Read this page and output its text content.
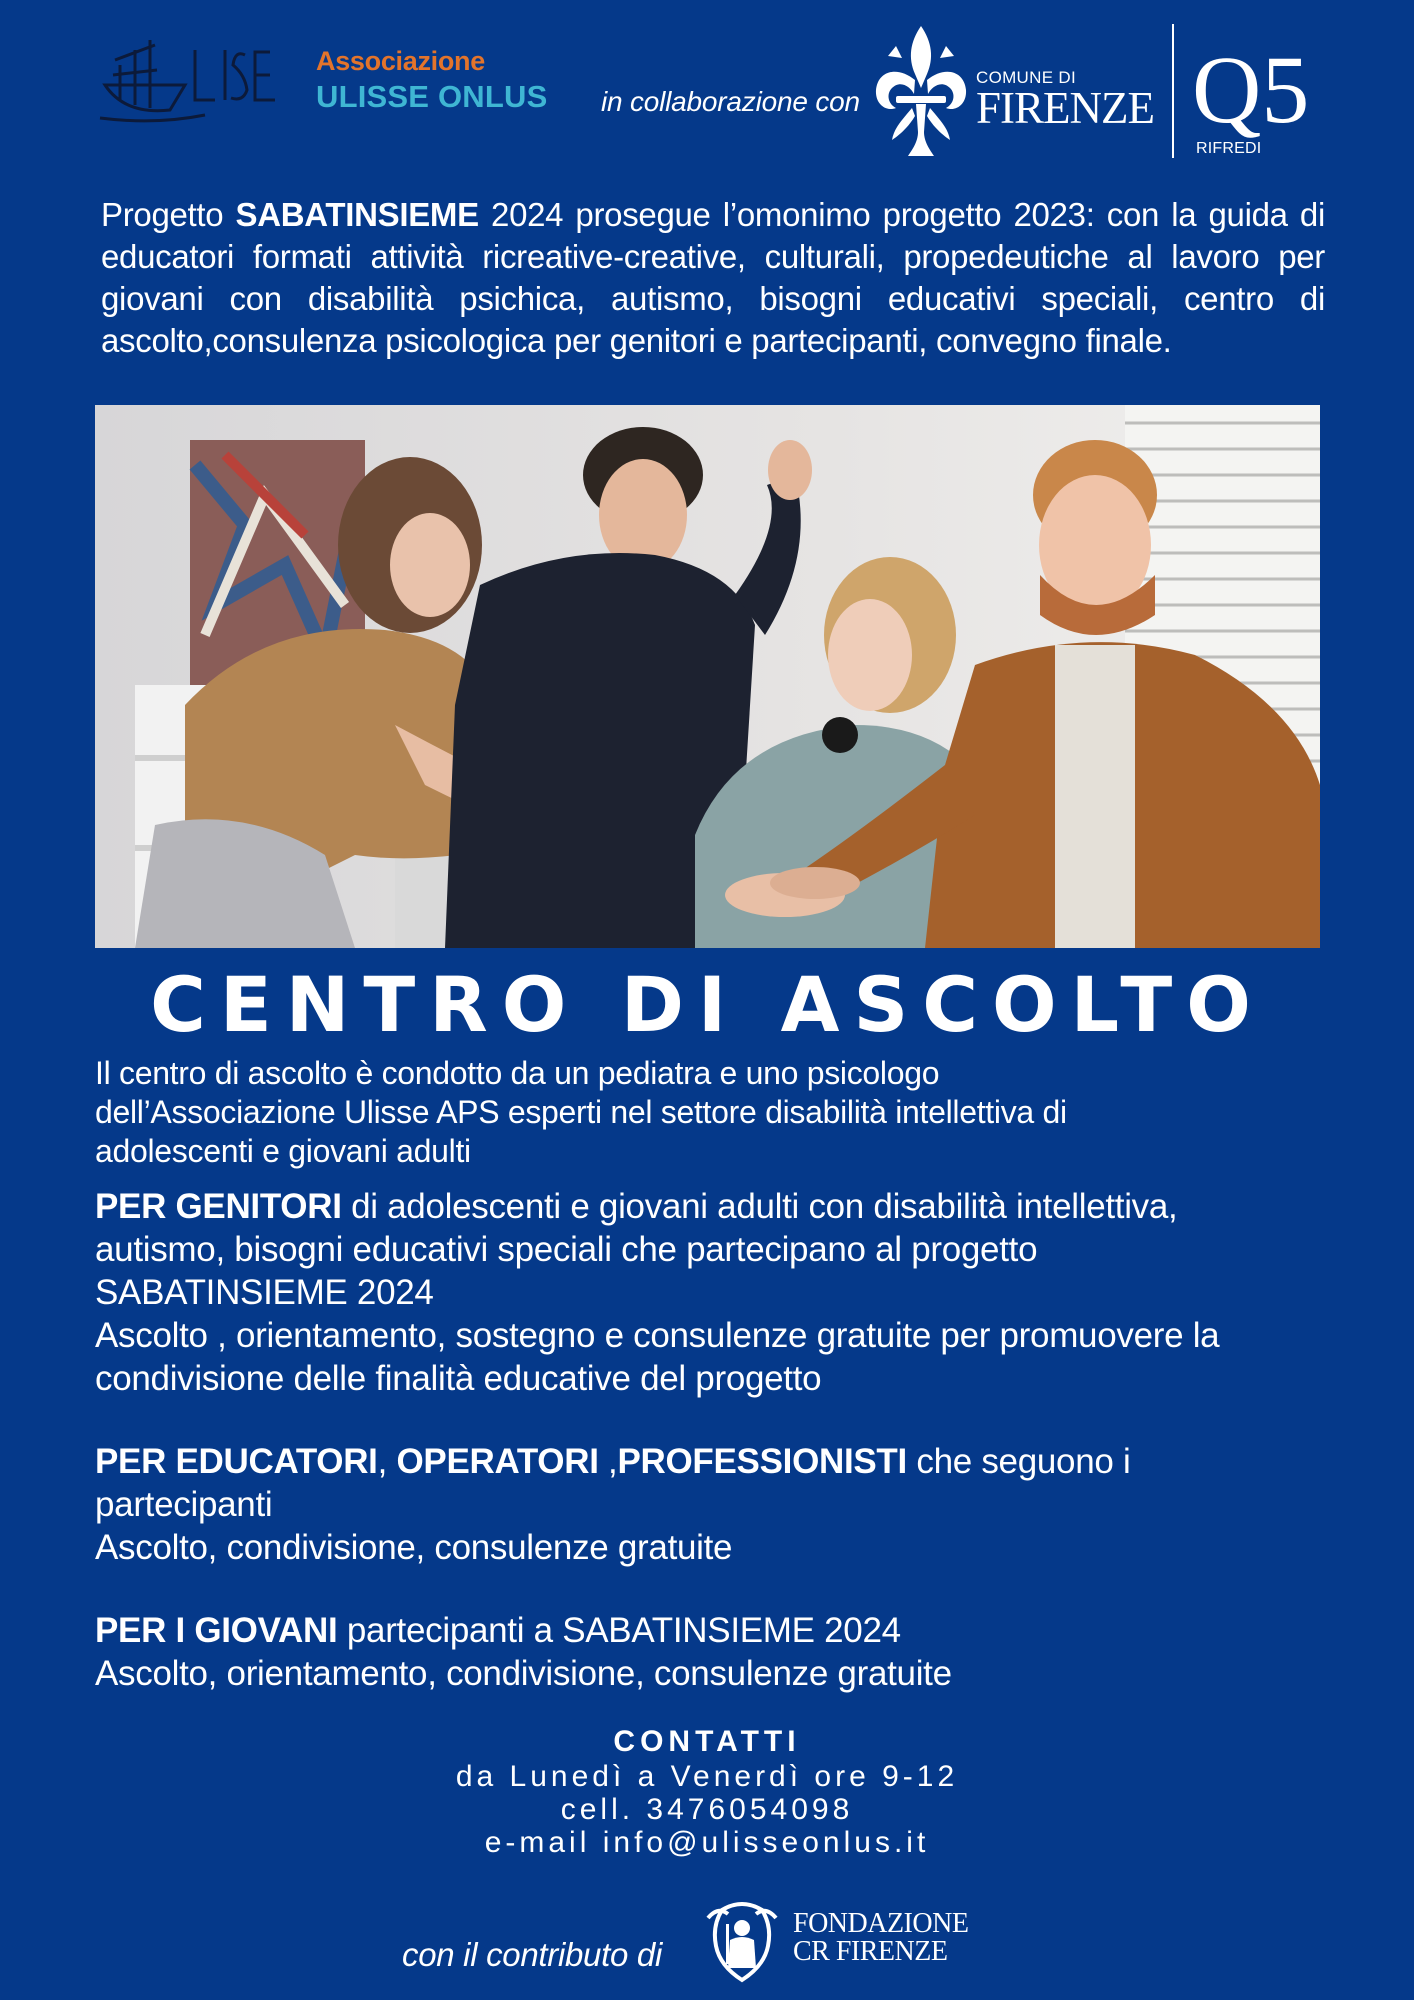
Associazione
ULISSE ONLUS in collaborazione con
COMUNE DI
FIRENZE Q5
RIFREDI
Progetto SABATINSIEME 2024 prosegue l’omonimo progetto 2023: con la guida di educatori formati attività ricreative-creative, culturali, propedeutiche al lavoro per giovani con disabilità psichica, autismo, bisogni educativi speciali, centro di ascolto,consulenza psicologica per genitori e partecipanti, convegno finale.
CENTRO DI ASCOLTO
Il centro di ascolto è condotto da un pediatra e uno psicologo
dell’Associazione Ulisse APS esperti nel settore disabilità intellettiva di
adolescenti e giovani adulti
PER GENITORI di adolescenti e giovani adulti con disabilità intellettiva,
autismo, bisogni educativi speciali che partecipano al progetto
SABATINSIEME 2024
Ascolto , orientamento, sostegno e consulenze gratuite per promuovere la
condivisione delle finalità educative del progetto
PER EDUCATORI, OPERATORI ,PROFESSIONISTI che seguono i
partecipanti
Ascolto, condivisione, consulenze gratuite
PER I GIOVANI partecipanti a SABATINSIEME 2024
Ascolto, orientamento, condivisione, consulenze gratuite
CONTATTI
da Lunedì a Venerdì ore 9-12
cell. 3476054098
e-mail info@ulisseonlus.it
con il contributo di
FONDAZIONE
CR FIRENZE
